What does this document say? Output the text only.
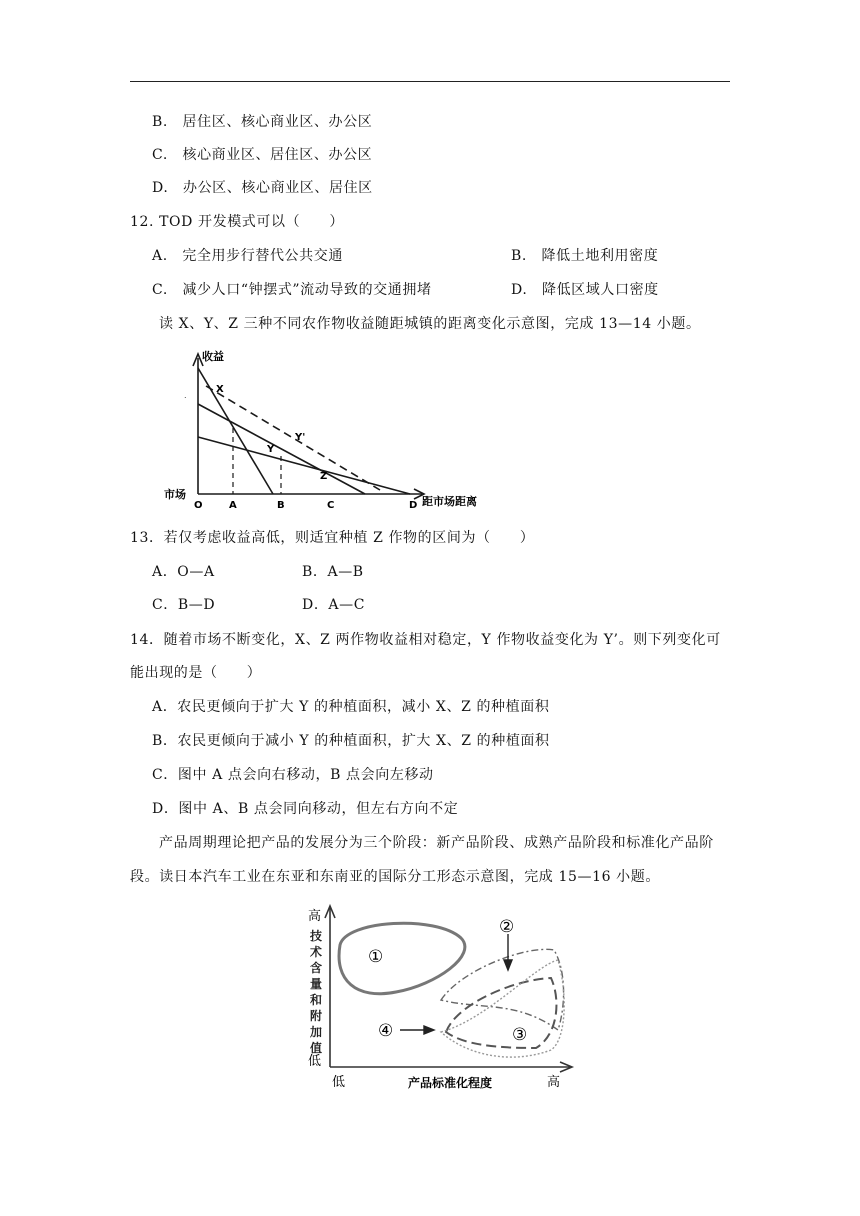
B.　居住区、核心商业区、办公区
C.　核心商业区、居住区、办公区
D.　办公区、核心商业区、居住区
12. TOD 开发模式可以（　　）
A.　完全用步行替代公共交通	B.　降低土地利用密度
C.　减少人口“钟摆式”流动导致的交通拥堵	D.　降低区域人口密度
读 X、Y、Z 三种不同农作物收益随距城镇的距离变化示意图，完成 13—14 小题。
.
收益
市场
距市场距离
O	A	B	C	D
X
Y
Y'
Z
13．若仅考虑收益高低，则适宜种植 Z 作物的区间为（　　）
A．O—A	B．A—B
C．B—D	D．A—C
14．随着市场不断变化，X、Z 两作物收益相对稳定，Y 作物收益变化为 Y’。则下列变化可
能出现的是（　　）
A．农民更倾向于扩大 Y 的种植面积，减小 X、Z 的种植面积
B．农民更倾向于减小 Y 的种植面积，扩大 X、Z 的种植面积
C．图中 A 点会向右移动，B 点会向左移动
D．图中 A、B 点会同向移动，但左右方向不定
产品周期理论把产品的发展分为三个阶段：新产品阶段、成熟产品阶段和标准化产品阶
段。读日本汽车工业在东亚和东南亚的国际分工形态示意图，完成 15—16 小题。
高
技
术
含
量
和
附
加
值
低
低	产品标准化程度	高
①
②
③
④
